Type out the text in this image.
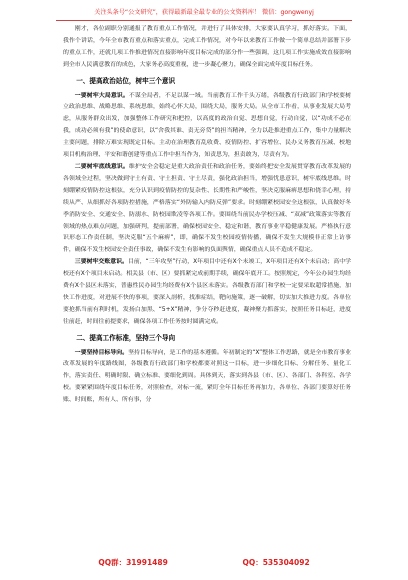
关注头条号“公文研究”，获得最新最全最专业的公文资料库！ 微信：gongwenyj

刚才，各位副职分别通报了教育重点工作情况，并进行了具体安排，大家要认真学习，抓好落实。下面，我作个讲话，今年全市教育重点和落实重点，完成工作情况，对今年以来教育工作做一个简单总结并部署下步的重点工作，还就几项工作推进情况直接影响年度目标完成的部分作一些强调，这几项工作实施成效直接影响到全市人民满意教育的成色，大家务必高度重视，进一步凝心聚力，确保全面完成年度目标任务。

一、提高政治站位，树牢三个意识

一要树牢大局意识。不谋全局者，不足以谋一域。当前教育工作千头万绪，各级教育行政部门和学校要树立政治思维、战略思维、系统思维，始终心怀大局，围绕大局，服务大局。从全市工作看，从事业发展大局考虑，从服务群众出发，加强整体工作研究和把控，以高度的政治自觉、思想自觉，行动自觉，以“功成不必在我，成功必须有我”的使命意识，以“舍我其谁、责无旁贷”的担当精神，全力以赴推进重点工作，集中力量解决主要问题，排除万难实现既定目标。主动在治理教育乱收费、疫情防控、扩容增位、民办义务教育压减、校地项目机构治理、平安和谐创建等重点工作中担当作为，知责思为，担责敢为，尽责有为。

二要树牢底线意识。维护安全会稳定是重大政治责任和政治任务，要始终把安全发展贯穿教育改革发展的各领域全过程，坚决做到守土有责、守土担责、守土尽责，强化政治担当，增强忧患意识，树牢底线思维。时刻绷紧疫情防控这根弦，充分认识到疫情防控的复杂性、长期性和严峻性，坚决克服麻痹思想和侥幸心理，持续从严、从细抓好各项防控措施，严格落实“外防输入内防反弹”要求。时刻绷紧校园安全这根弦，认真做好冬季消防安全、交通安全、防溺水、防校园欺凌等各项工作。要围绕当前民办学校压减、“双减”政策落实等教育领域的热点难点问题，加强研判，提前部署，确保校园安全、稳定和谐，教育事业平稳健康发展。严格执行意识形态工作责任制，坚决克服“五个麻痹”，即，确保不发生校园疫情传播，确保不发生大规模非正常上访事件，确保不发生校园安全责任事故，确保不发生有影响的负面舆情，确保重点人员不造成不稳定。

三要树牢交账意识。目前，“三年攻坚”行动，X年项目中还有X个未竣工，X年项目还有X个未启动；高中学校还有X个项目未启动。相关县（市、区）要抓紧完成前期手续，确保年底开工。按照规定，今年公办园生均经费有X个县区未落实，普惠性民办园生均经费有X个县区未落实。各级教育部门和学校一定要采取超常措施，加快工作进度，对进展不快的事项，要深入剖析，找准症结，靶向施策，逐一破解，切实加大推进力度。各单位要抢抓当前有利时机，发扬白加黑、“5+X”精神，争分夺秒赶进度，凝神聚力抓落实，按照任务目标赶，进度往前赶，时间往前提要求，确保各项工作任务按时圆满完成。

二、提高工作标准，坚持三个导向

一要坚持目标导向。坚持目标导向，是工作的基本遵循。年初制定的“X”整体工作思路，就是全市教育事业改革发展的年度路线图，各级教育行政部门和学校都要对照这一目标，进一步细化目标、分解任务、量化工作，落实责任、明确时限、确立标准、要细化到周。具体到天，落实到各县（市、区）、各部门、各科室、各学校。要紧紧围绕年度目标任务，对照检查，对标一流，紧盯全年目标任务再加力，各单位、各部门要算好任务账、时间账，所有人、所有事，分

QQ群：31991489	QQ：535304092
